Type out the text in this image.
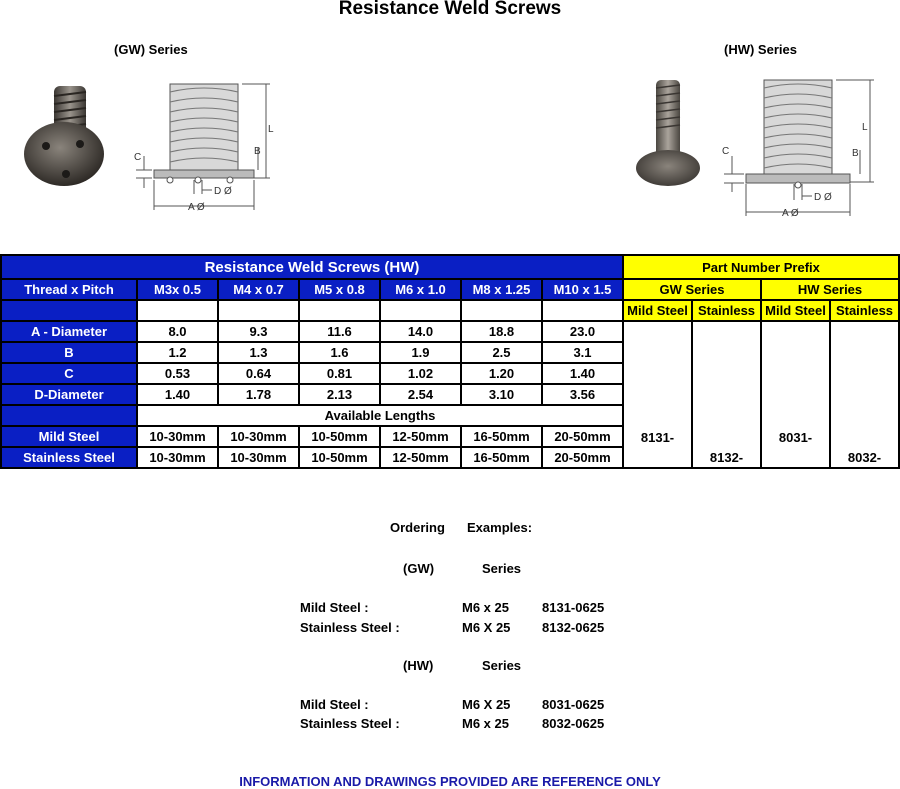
Resistance Weld Screws
(GW) Series	(HW) Series
L
B
C
D Ø
A Ø
L
B
C
D Ø
A Ø
Resistance Weld Screws (HW)							Part Number Prefix			
Thread x Pitch	M3x 0.5	M4 x 0.7	M5 x 0.8	M6 x 1.0	M8 x 1.25	M10 x 1.5	GW Series		HW Series	
							Mild Steel	Stainless	Mild Steel	Stainless
A - Diameter	8.0	9.3	11.6	14.0	18.8	23.0	8131-	8132-	8031-	8032-
B	1.2	1.3	1.6	1.9	2.5	3.1				
C	0.53	0.64	0.81	1.02	1.20	1.40				
D-Diameter	1.40	1.78	2.13	2.54	3.10	3.56				
	Available Lengths									
Mild Steel	10-30mm	10-30mm	10-50mm	12-50mm	16-50mm	20-50mm				
Stainless Steel	10-30mm	10-30mm	10-50mm	12-50mm	16-50mm	20-50mm				
Ordering Examples:
(GW)	Series
Mild Steel :	M6 x 25	8131-0625
Stainless Steel :	M6 X 25 8132-0625
(HW)	Series
Mild Steel :	M6 X 25 8031-0625
Stainless Steel :	M6 x 25	8032-0625
INFORMATION AND DRAWINGS PROVIDED ARE REFERENCE ONLY
